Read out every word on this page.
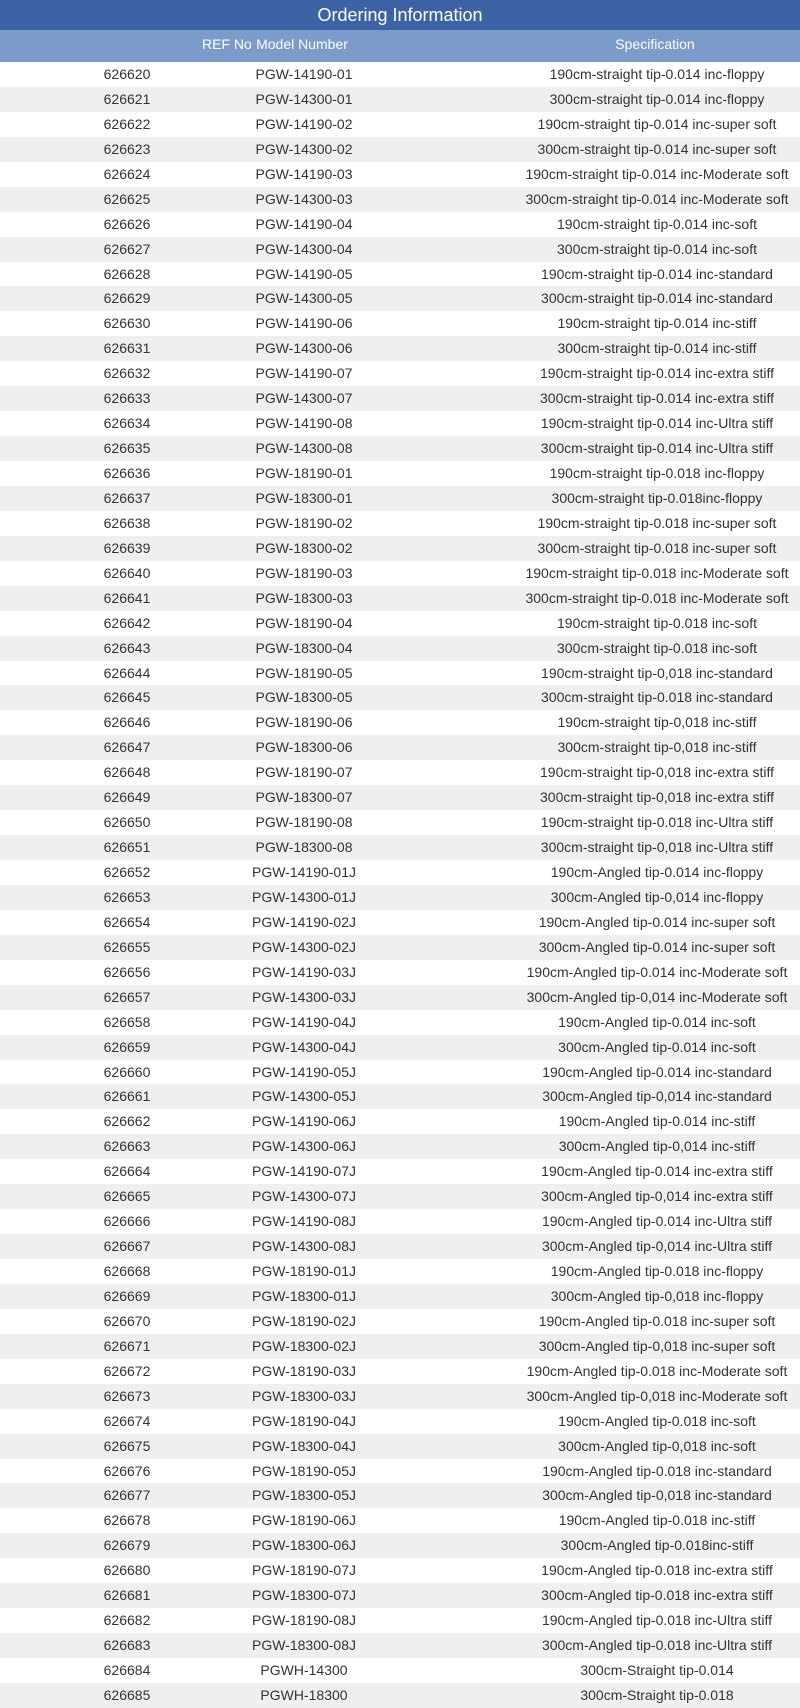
Ordering Information
REF No Model Number	Specification
626620	PGW-14190-01	190cm-straight tip-0.014 inc-floppy
626621	PGW-14300-01	300cm-straight tip-0.014 inc-floppy
626622	PGW-14190-02	190cm-straight tip-0.014 inc-super soft
626623	PGW-14300-02	300cm-straight tip-0.014 inc-super soft
626624	PGW-14190-03	190cm-straight tip-0.014 inc-Moderate soft
626625	PGW-14300-03	300cm-straight tip-0.014 inc-Moderate soft
626626	PGW-14190-04	190cm-straight tip-0.014 inc-soft
626627	PGW-14300-04	300cm-straight tip-0.014 inc-soft
626628	PGW-14190-05	190cm-straight tip-0.014 inc-standard
626629	PGW-14300-05	300cm-straight tip-0.014 inc-standard
626630	PGW-14190-06	190cm-straight tip-0.014 inc-stiff
626631	PGW-14300-06	300cm-straight tip-0.014 inc-stiff
626632	PGW-14190-07	190cm-straight tip-0.014 inc-extra stiff
626633	PGW-14300-07	300cm-straight tip-0.014 inc-extra stiff
626634	PGW-14190-08	190cm-straight tip-0.014 inc-Ultra stiff
626635	PGW-14300-08	300cm-straight tip-0.014 inc-Ultra stiff
626636	PGW-18190-01	190cm-straight tip-0.018 inc-floppy
626637	PGW-18300-01	300cm-straight tip-0.018inc-floppy
626638	PGW-18190-02	190cm-straight tip-0.018 inc-super soft
626639	PGW-18300-02	300cm-straight tip-0.018 inc-super soft
626640	PGW-18190-03	190cm-straight tip-0.018 inc-Moderate soft
626641	PGW-18300-03	300cm-straight tip-0.018 inc-Moderate soft
626642	PGW-18190-04	190cm-straight tip-0.018 inc-soft
626643	PGW-18300-04	300cm-straight tip-0.018 inc-soft
626644	PGW-18190-05	190cm-straight tip-0,018 inc-standard
626645	PGW-18300-05	300cm-straight tip-0.018 inc-standard
626646	PGW-18190-06	190cm-straight tip-0,018 inc-stiff
626647	PGW-18300-06	300cm-straight tip-0,018 inc-stiff
626648	PGW-18190-07	190cm-straight tip-0,018 inc-extra stiff
626649	PGW-18300-07	300cm-straight tip-0,018 inc-extra stiff
626650	PGW-18190-08	190cm-straight tip-0.018 inc-Ultra stiff
626651	PGW-18300-08	300cm-straight tip-0,018 inc-Ultra stiff
626652	PGW-14190-01J	190cm-Angled tip-0.014 inc-floppy
626653	PGW-14300-01J	300cm-Angled tip-0,014 inc-floppy
626654	PGW-14190-02J	190cm-Angled tip-0.014 inc-super soft
626655	PGW-14300-02J	300cm-Angled tip-0.014 inc-super soft
626656	PGW-14190-03J	190cm-Angled tip-0.014 inc-Moderate soft
626657	PGW-14300-03J	300cm-Angled tip-0,014 inc-Moderate soft
626658	PGW-14190-04J	190cm-Angled tip-0.014 inc-soft
626659	PGW-14300-04J	300cm-Angled tip-0.014 inc-soft
626660	PGW-14190-05J	190cm-Angled tip-0.014 inc-standard
626661	PGW-14300-05J	300cm-Angled tip-0,014 inc-standard
626662	PGW-14190-06J	190cm-Angled tip-0.014 inc-stiff
626663	PGW-14300-06J	300cm-Angled tip-0,014 inc-stiff
626664	PGW-14190-07J	190cm-Angled tip-0.014 inc-extra stiff
626665	PGW-14300-07J	300cm-Angled tip-0,014 inc-extra stiff
626666	PGW-14190-08J	190cm-Angled tip-0.014 inc-Ultra stiff
626667	PGW-14300-08J	300cm-Angled tip-0,014 inc-Ultra stiff
626668	PGW-18190-01J	190cm-Angled tip-0.018 inc-floppy
626669	PGW-18300-01J	300cm-Angled tip-0,018 inc-floppy
626670	PGW-18190-02J	190cm-Angled tip-0.018 inc-super soft
626671	PGW-18300-02J	300cm-Angled tip-0,018 inc-super soft
626672	PGW-18190-03J	190cm-Angled tip-0.018 inc-Moderate soft
626673	PGW-18300-03J	300cm-Angled tip-0,018 inc-Moderate soft
626674	PGW-18190-04J	190cm-Angled tip-0.018 inc-soft
626675	PGW-18300-04J	300cm-Angled tip-0,018 inc-soft
626676	PGW-18190-05J	190cm-Angled tip-0.018 inc-standard
626677	PGW-18300-05J	300cm-Angled tip-0,018 inc-standard
626678	PGW-18190-06J	190cm-Angled tip-0.018 inc-stiff
626679	PGW-18300-06J	300cm-Angled tip-0.018inc-stiff
626680	PGW-18190-07J	190cm-Angled tip-0.018 inc-extra stiff
626681	PGW-18300-07J	300cm-Angled tip-0.018 inc-extra stiff
626682	PGW-18190-08J	190cm-Angled tip-0.018 inc-Ultra stiff
626683	PGW-18300-08J	300cm-Angled tip-0.018 inc-Ultra stiff
626684	PGWH-14300	300cm-Straight tip-0.014
626685	PGWH-18300	300cm-Straight tip-0.018
